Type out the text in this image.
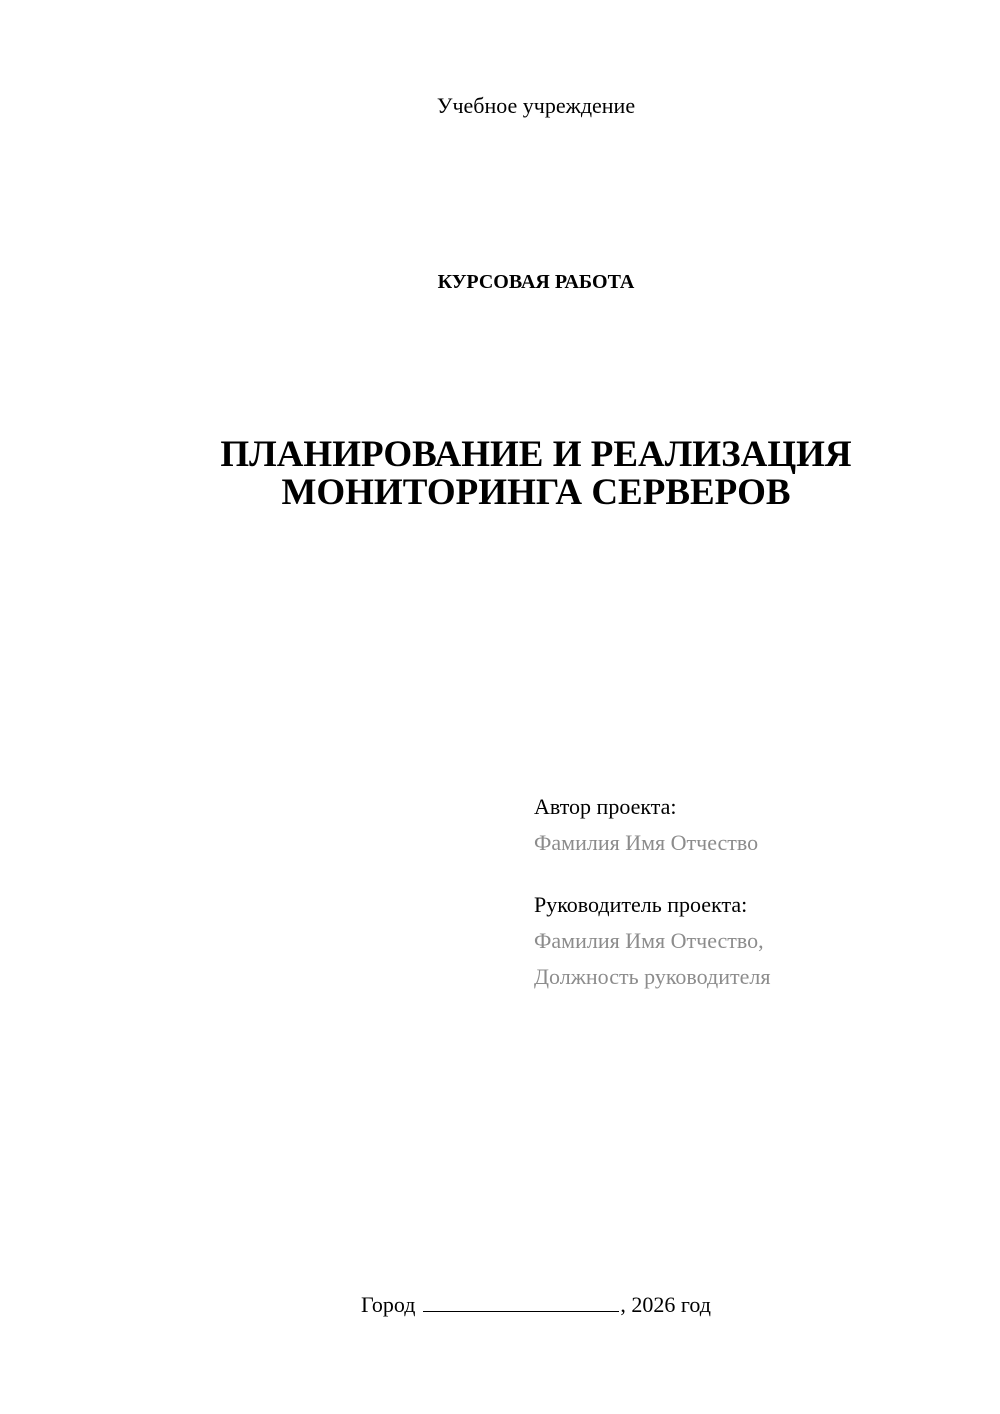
Учебное учреждение
КУРСОВАЯ РАБОТА
ПЛАНИРОВАНИЕ И РЕАЛИЗАЦИЯ
МОНИТОРИНГА СЕРВЕРОВ
Автор проекта:
Фамилия Имя Отчество
Руководитель проекта:
Фамилия Имя Отчество,
Должность руководителя
Город	, 2026 год
